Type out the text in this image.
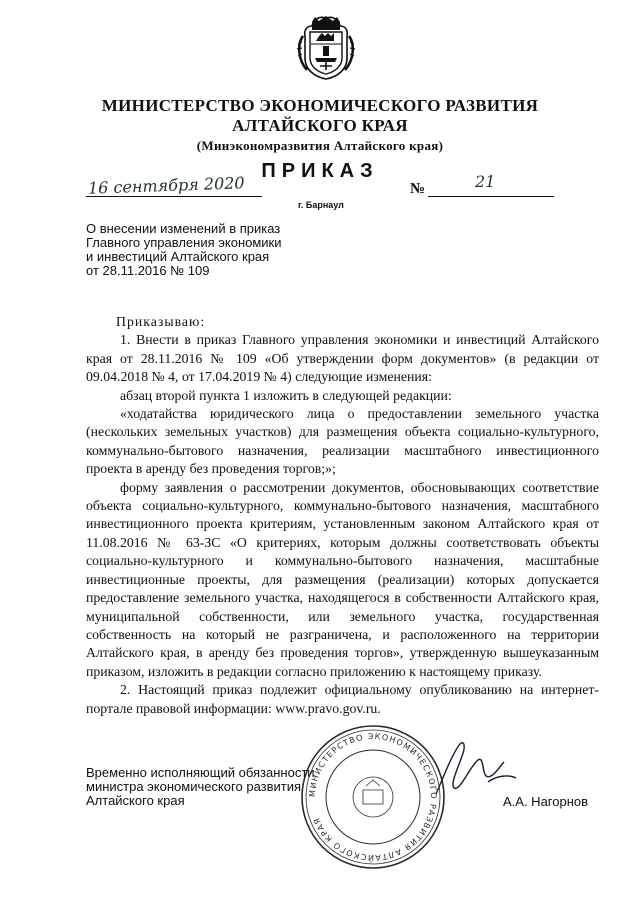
МИНИСТЕРСТВО ЭКОНОМИЧЕСКОГО РАЗВИТИЯ
АЛТАЙСКОГО КРАЯ
(Минэкономразвития Алтайского края)
ПРИКАЗ
16 сентября 2020
г. Барнаул
№	21
О внесении изменений в приказ
Главного управления экономики
и инвестиций Алтайского края
от 28.11.2016 № 109

Приказываю:

1. Внести в приказ Главного управления экономики и инвестиций Алтайского края от 28.11.2016 № 109 «Об утверждении форм документов» (в редакции от 09.04.2018 № 4, от 17.04.2019 № 4) следующие изменения:

абзац второй пункта 1 изложить в следующей редакции:

«ходатайства юридического лица о предоставлении земельного участка (нескольких земельных участков) для размещения объекта социально-культурного, коммунально-бытового назначения, реализации масштабного инвестиционного проекта в аренду без проведения торгов;»;

форму заявления о рассмотрении документов, обосновывающих соответствие объекта социально-культурного, коммунально-бытового назначения, масштабного инвестиционного проекта критериям, установленным законом Алтайского края от 11.08.2016 № 63-ЗС «О критериях, которым должны соответствовать объекты социально-культурного и коммунально-бытового назначения, масштабные инвестиционные проекты, для размещения (реализации) которых допускается предоставление земельного участка, находящегося в собственности Алтайского края, муниципальной собственности, или земельного участка, государственная собственность на который не разграничена, и расположенного на территории Алтайского края, в аренду без проведения торгов», утвержденную вышеуказанным приказом, изложить в редакции согласно приложению к настоящему приказу.

2. Настоящий приказ подлежит официальному опубликованию на интернет-портале правовой информации: www.pravo.gov.ru.

МИНИСТЕРСТВО ЭКОНОМИЧЕСКОГО РАЗВИТИЯ АЛТАЙСКОГО КРАЯ
Временно исполняющий обязанности
министра экономического развития
Алтайского края	А.А. Нагорнов
